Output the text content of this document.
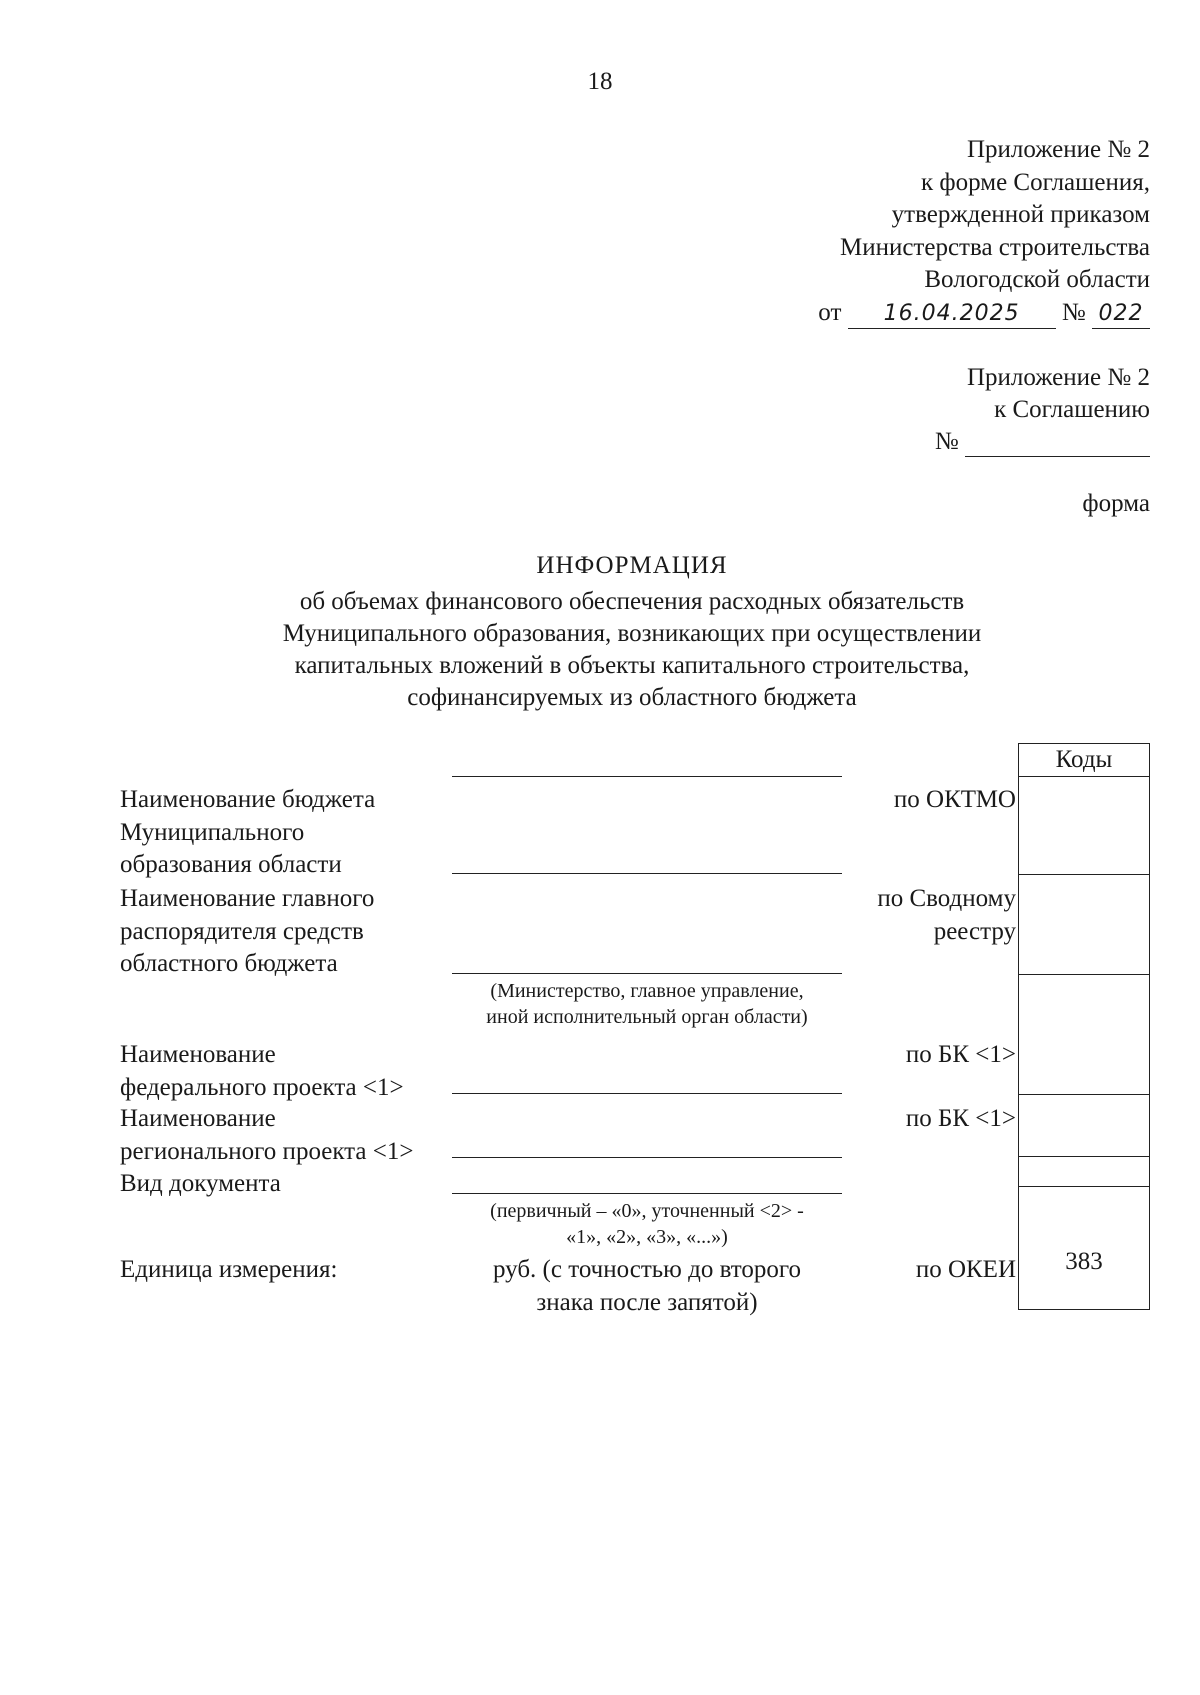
18
Приложение № 2
к форме Соглашения,
утвержденной приказом
Министерства строительства
Вологодской области
от 16.04.2025 № 022
Приложение № 2
к Соглашению
№
форма
ИНФОРМАЦИЯ
об объемах финансового обеспечения расходных обязательств
Муниципального образования, возникающих при осуществлении
капитальных вложений в объекты капитального строительства,
софинансируемых из областного бюджета
Наименование бюджета
Муниципального
образования области
Наименование главного
распорядителя средств
областного бюджета
Наименование
федерального проекта <1>
Наименование
регионального проекта <1>
Вид документа
Единица измерения:
(Министерство, главное управление,
иной исполнительный орган области)
(первичный – «0», уточненный <2> -
«1», «2», «3», «...»)
руб. (с точностью до второго
знака после запятой)
по ОКТМО
по Сводному
реестру
по БК <1>
по БК <1>
по ОКЕИ
Коды
383
